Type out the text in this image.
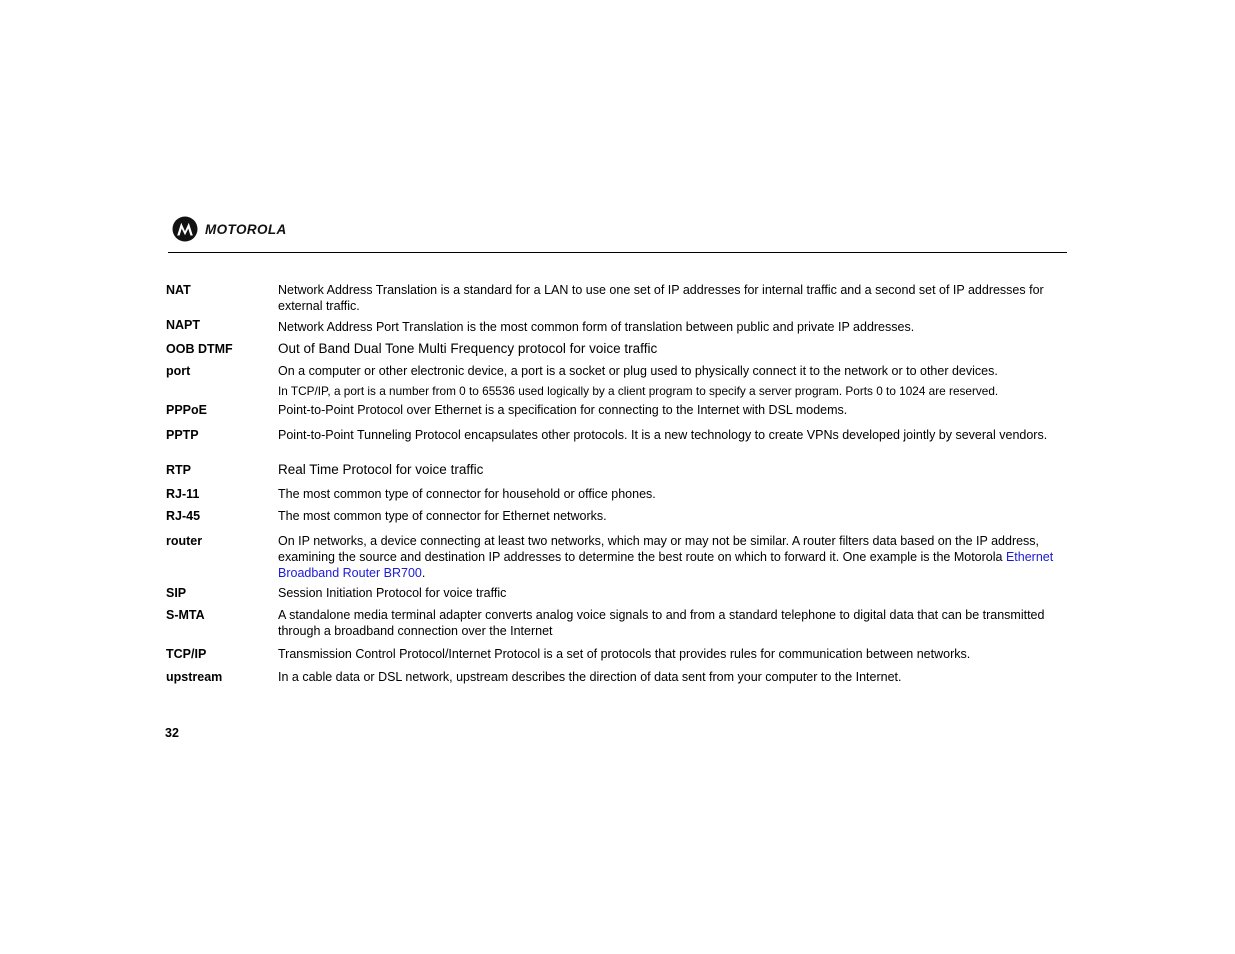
MOTOROLA
NAT	Network Address Translation is a standard for a LAN to use one set of IP addresses for internal traffic and a second set of IP addresses for external traffic.
NAPT	Network Address Port Translation is the most common form of translation between public and private IP addresses.
OOB DTMF	Out of Band Dual Tone Multi Frequency protocol for voice traffic
port	On a computer or other electronic device, a port is a socket or plug used to physically connect it to the network or to other devices.
In TCP/IP, a port is a number from 0 to 65536 used logically by a client program to specify a server program. Ports 0 to 1024 are reserved.
PPPoE	Point-to-Point Protocol over Ethernet is a specification for connecting to the Internet with DSL modems.
PPTP	Point-to-Point Tunneling Protocol encapsulates other protocols. It is a new technology to create VPNs developed jointly by several vendors.
RTP	Real Time Protocol for voice traffic
RJ-11	The most common type of connector for household or office phones.
RJ-45	The most common type of connector for Ethernet networks.
router	On IP networks, a device connecting at least two networks, which may or may not be similar. A router filters data based on the IP address, examining the source and destination IP addresses to determine the best route on which to forward it. One example is the Motorola Ethernet Broadband Router BR700.
SIP	Session Initiation Protocol for voice traffic
S-MTA	A standalone media terminal adapter converts analog voice signals to and from a standard telephone to digital data that can be transmitted through a broadband connection over the Internet
TCP/IP	Transmission Control Protocol/Internet Protocol is a set of protocols that provides rules for communication between networks.
upstream	In a cable data or DSL network, upstream describes the direction of data sent from your computer to the Internet.
32
